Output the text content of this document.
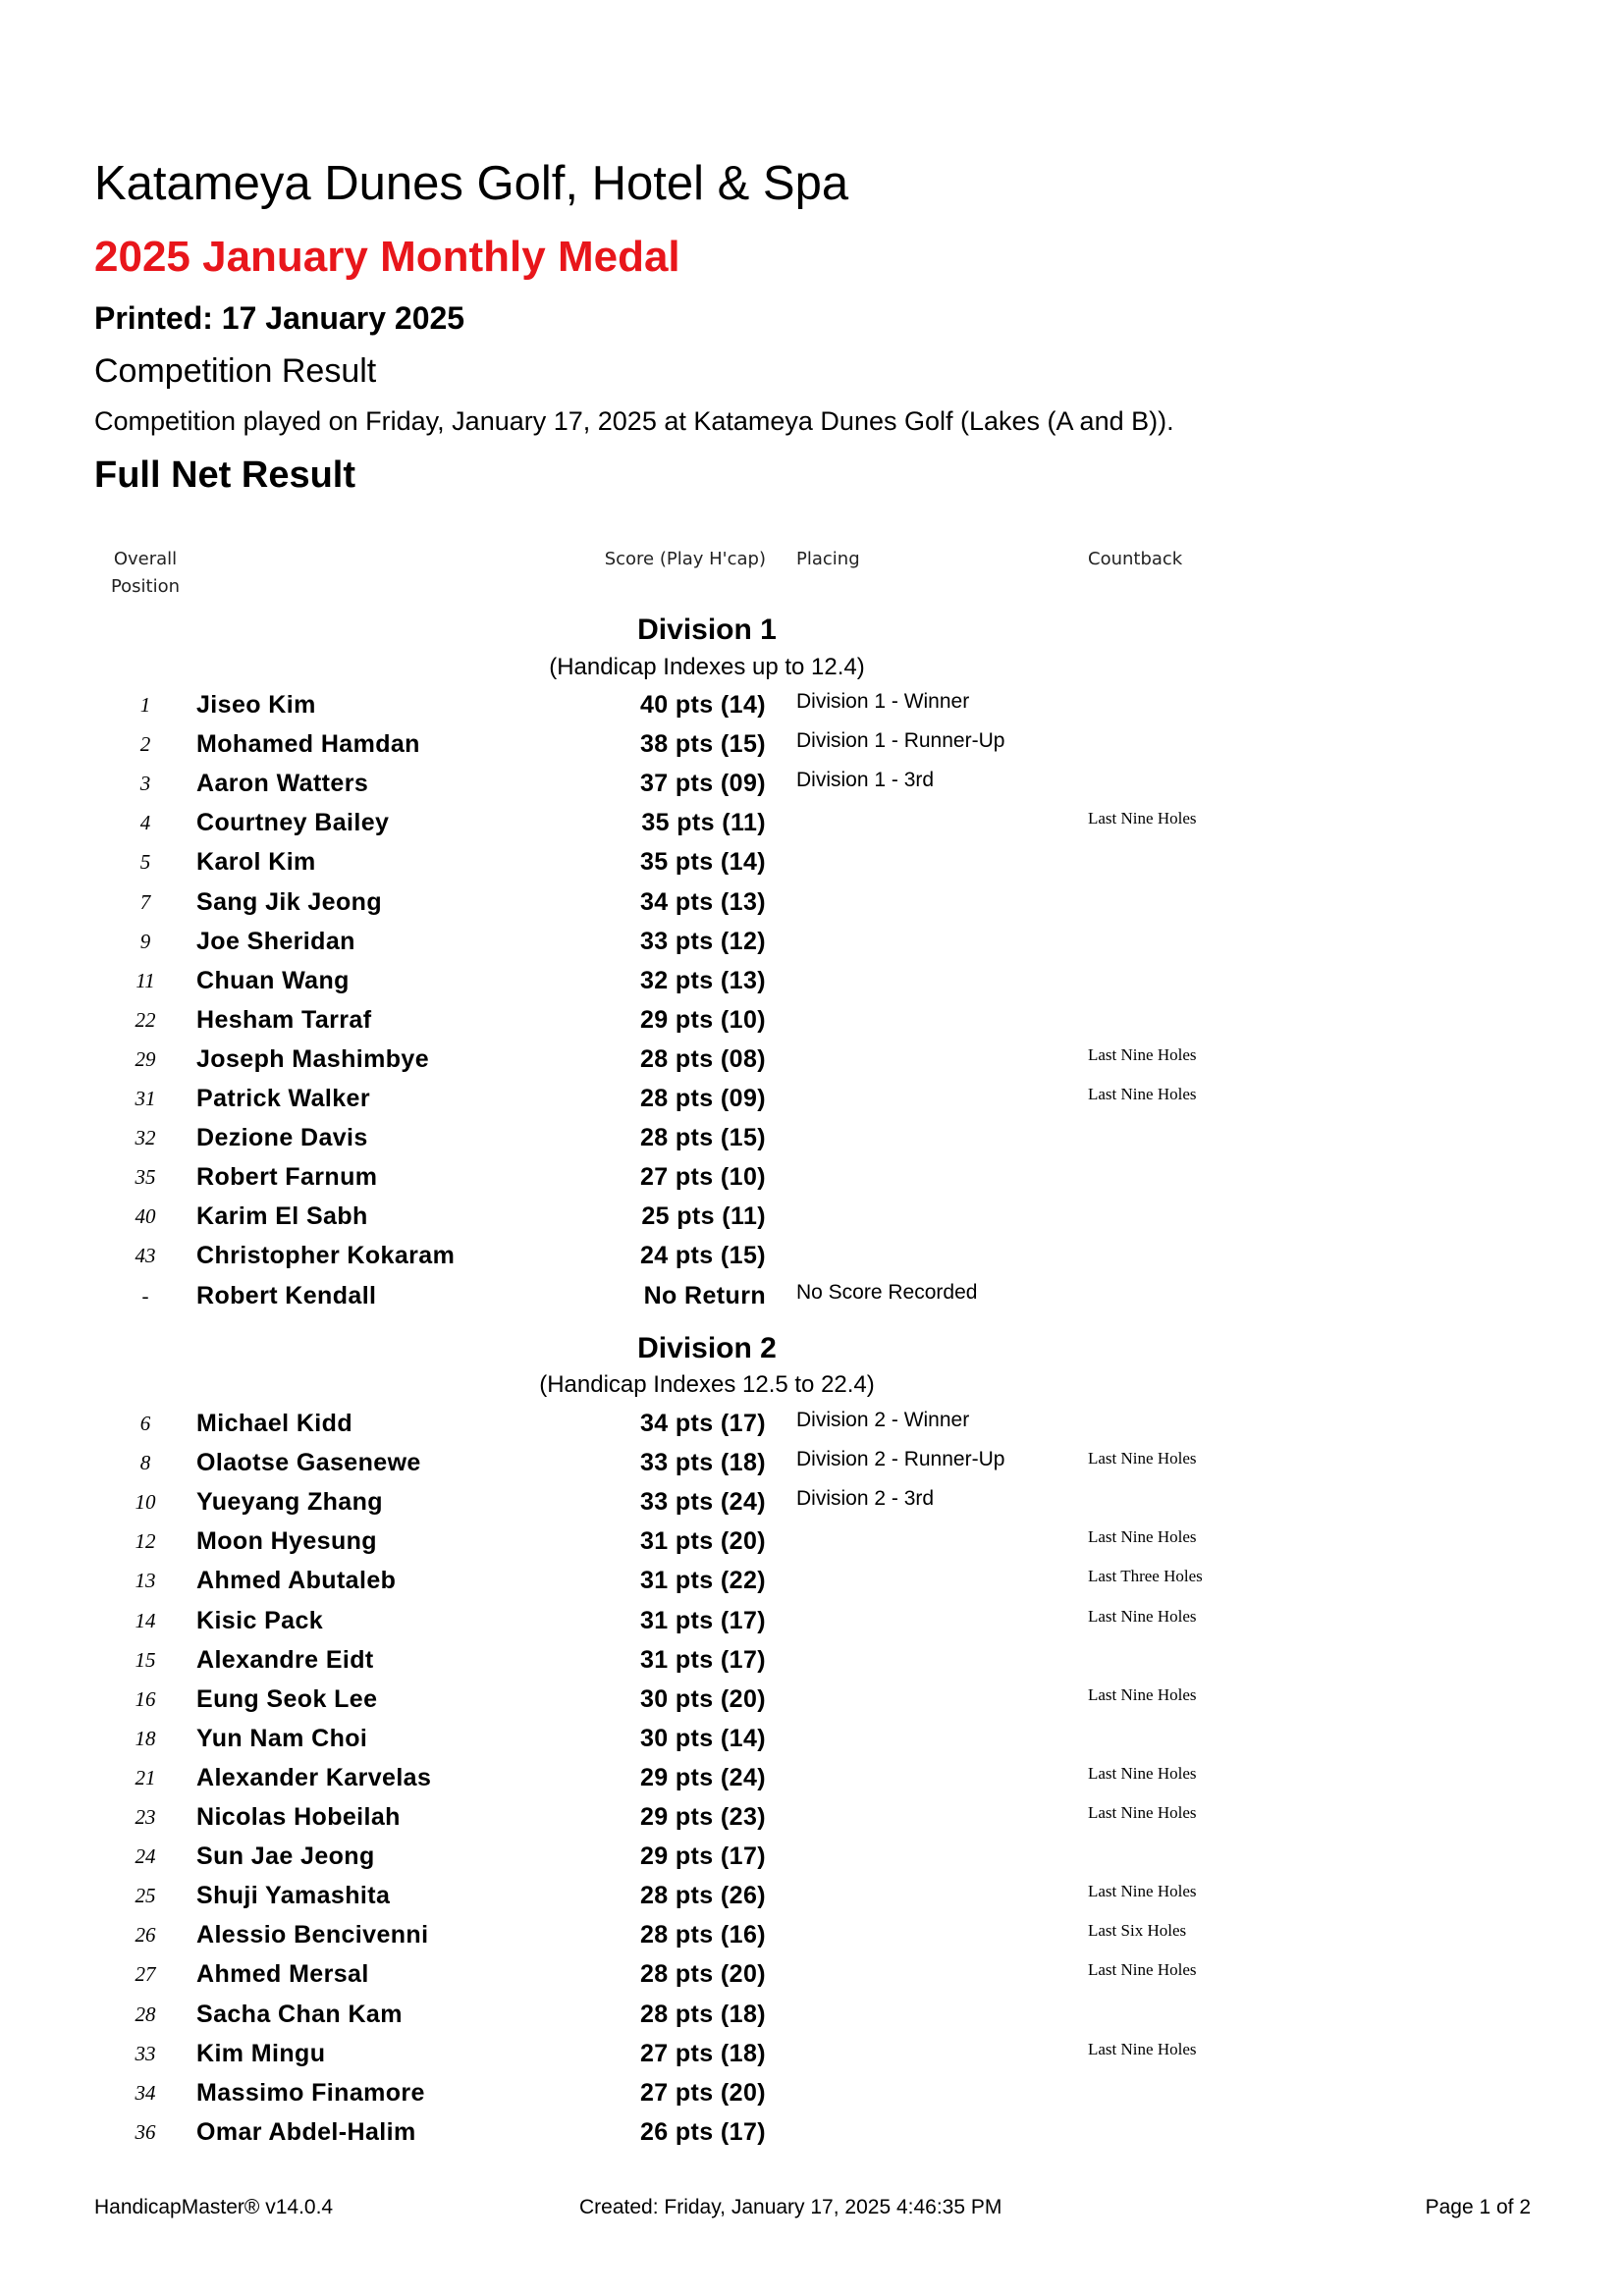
Katameya Dunes Golf, Hotel & Spa
2025 January Monthly Medal
Printed: 17 January 2025
Competition Result
Competition played on Friday, January 17, 2025 at Katameya Dunes Golf (Lakes (A and B)).
Full Net Result
Overall
Position
Score (Play H'cap) Placing	Countback
Division 1
(Handicap Indexes up to 12.4)
1	Jiseo Kim	40 pts (14) Division 1 - Winner
2	Mohamed Hamdan	38 pts (15) Division 1 - Runner-Up
3	Aaron Watters	37 pts (09) Division 1 - 3rd
4	Courtney Bailey	35 pts (11)	Last Nine Holes
5	Karol Kim	35 pts (14)
7	Sang Jik Jeong	34 pts (13)
9	Joe Sheridan	33 pts (12)
11	Chuan Wang	32 pts (13)
22	Hesham Tarraf	29 pts (10)
29	Joseph Mashimbye	28 pts (08)	Last Nine Holes
31	Patrick Walker	28 pts (09)	Last Nine Holes
32	Dezione Davis	28 pts (15)
35	Robert Farnum	27 pts (10)
40	Karim El Sabh	25 pts (11)
43	Christopher Kokaram	24 pts (15)
-	Robert Kendall	No Return No Score Recorded
Division 2
(Handicap Indexes 12.5 to 22.4)
6	Michael Kidd	34 pts (17) Division 2 - Winner
8	Olaotse Gasenewe	33 pts (18) Division 2 - Runner-Up	Last Nine Holes
10	Yueyang Zhang	33 pts (24) Division 2 - 3rd
12	Moon Hyesung	31 pts (20)	Last Nine Holes
13	Ahmed Abutaleb	31 pts (22)	Last Three Holes
14	Kisic Pack	31 pts (17)	Last Nine Holes
15	Alexandre Eidt	31 pts (17)
16	Eung Seok Lee	30 pts (20)	Last Nine Holes
18	Yun Nam Choi	30 pts (14)
21	Alexander Karvelas	29 pts (24)	Last Nine Holes
23	Nicolas Hobeilah	29 pts (23)	Last Nine Holes
24	Sun Jae Jeong	29 pts (17)
25	Shuji Yamashita	28 pts (26)	Last Nine Holes
26	Alessio Bencivenni	28 pts (16)	Last Six Holes
27	Ahmed Mersal	28 pts (20)	Last Nine Holes
28	Sacha Chan Kam	28 pts (18)
33	Kim Mingu	27 pts (18)	Last Nine Holes
34	Massimo Finamore	27 pts (20)
36	Omar Abdel-Halim	26 pts (17)
HandicapMaster® v14.0.4	Created: Friday, January 17, 2025 4:46:35 PM	Page 1 of 2
